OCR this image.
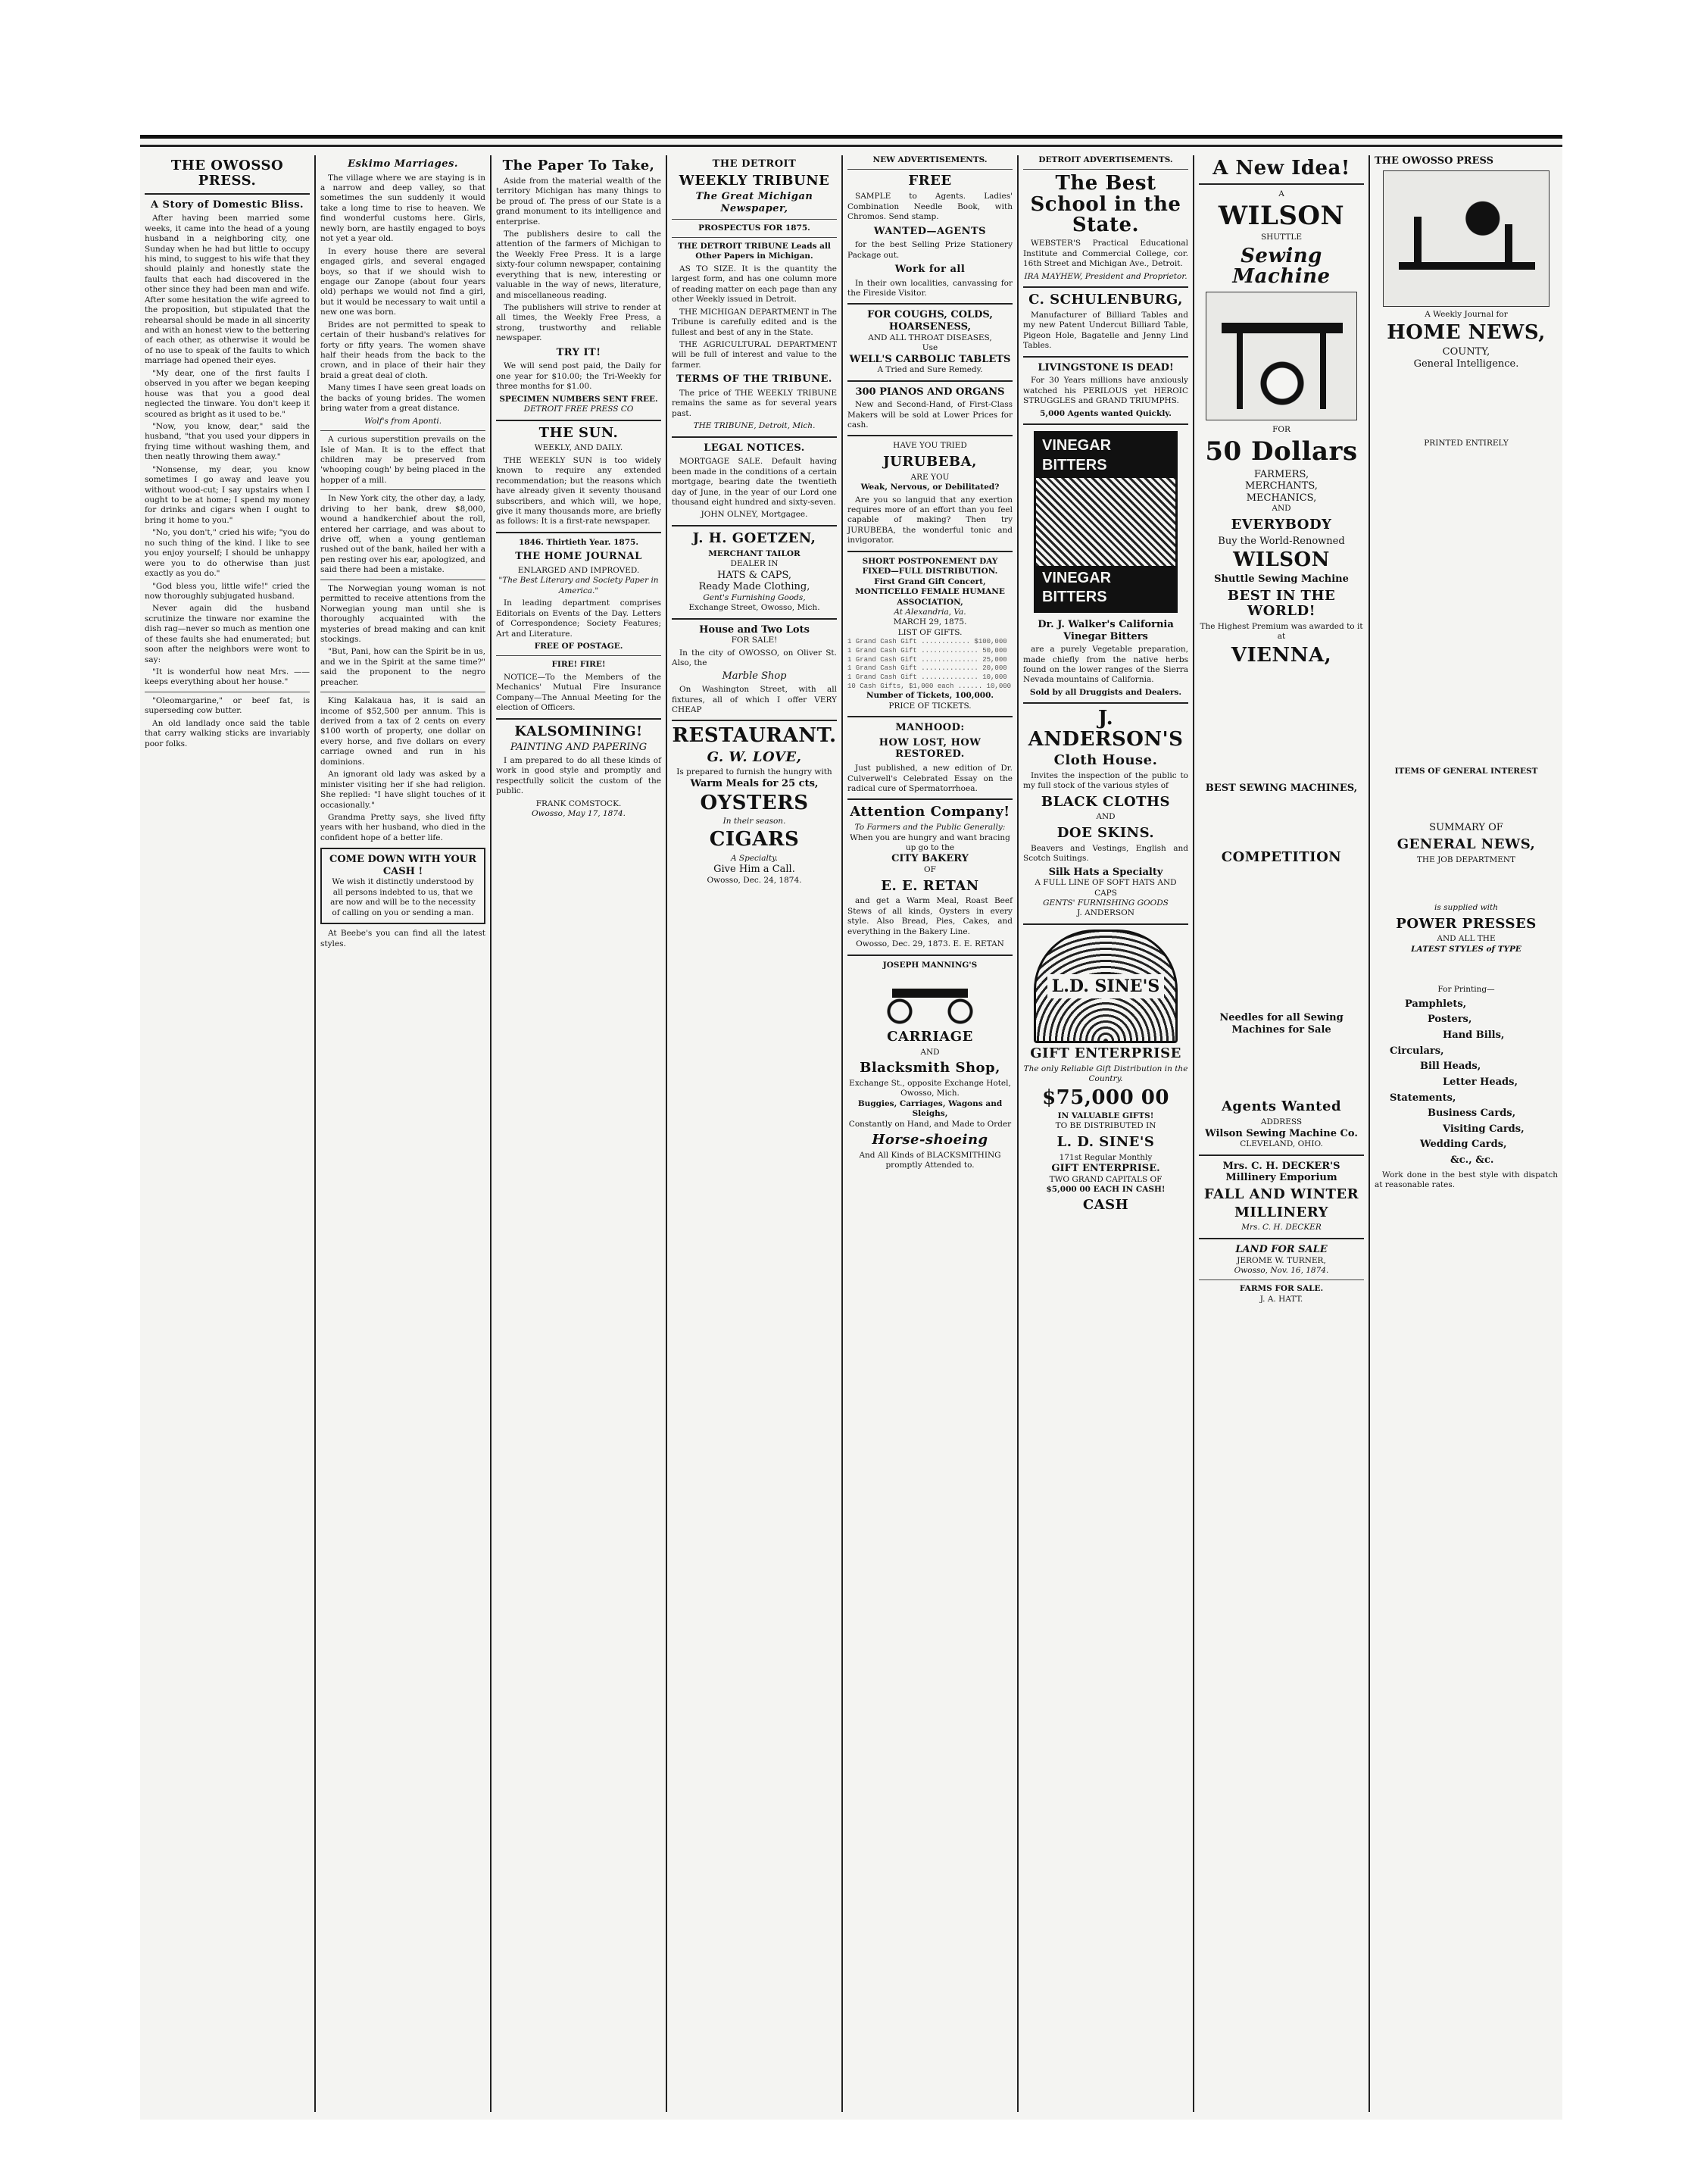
THE OWOSSO PRESS.
A Story of Domestic Bliss.

After having been married some weeks, it came into the head of a young husband in a neighboring city, one Sunday when he had but little to occupy his mind, to suggest to his wife that they should plainly and honestly state the faults that each had discovered in the other since they had been man and wife. After some hesitation the wife agreed to the proposition, but stipulated that the rehearsal should be made in all sincerity and with an honest view to the bettering of each other, as otherwise it would be of no use to speak of the faults to which marriage had opened their eyes.

"My dear, one of the first faults I observed in you after we began keeping house was that you a good deal neglected the tinware. You don't keep it scoured as bright as it used to be."

"Now, you know, dear," said the husband, "that you used your dippers in frying time without washing them, and then neatly throwing them away."

"Nonsense, my dear, you know sometimes I go away and leave you without wood-cut; I say upstairs when I ought to be at home; I spend my money for drinks and cigars when I ought to bring it home to you."

"No, you don't," cried his wife; "you do no such thing of the kind. I like to see you enjoy yourself; I should be unhappy were you to do otherwise than just exactly as you do."

"God bless you, little wife!" cried the now thoroughly subjugated husband.

Never again did the husband scrutinize the tinware nor examine the dish rag—never so much as mention one of these faults she had enumerated; but soon after the neighbors were wont to say:

"It is wonderful how neat Mrs. —— keeps everything about her house."

"Oleomargarine," or beef fat, is superseding cow butter.

An old landlady once said the table that carry walking sticks are invariably poor folks.

Eskimo Marriages.

The village where we are staying is in a narrow and deep valley, so that sometimes the sun suddenly it would take a long time to rise to heaven. We find wonderful customs here. Girls, newly born, are hastily engaged to boys not yet a year old.

In every house there are several engaged girls, and several engaged boys, so that if we should wish to engage our Zanope (about four years old) perhaps we would not find a girl, but it would be necessary to wait until a new one was born.

Brides are not permitted to speak to certain of their husband's relatives for forty or fifty years. The women shave half their heads from the back to the crown, and in place of their hair they braid a great deal of cloth.

Many times I have seen great loads on the backs of young brides. The women bring water from a great distance.

Wolf's from Aponti.

A curious superstition prevails on the Isle of Man. It is to the effect that children may be preserved from 'whooping cough' by being placed in the hopper of a mill.

In New York city, the other day, a lady, driving to her bank, drew $8,000, wound a handkerchief about the roll, entered her carriage, and was about to drive off, when a young gentleman rushed out of the bank, hailed her with a pen resting over his ear, apologized, and said there had been a mistake.

The Norwegian young woman is not permitted to receive attentions from the Norwegian young man until she is thoroughly acquainted with the mysteries of bread making and can knit stockings.

"But, Pani, how can the Spirit be in us, and we in the Spirit at the same time?" said the proponent to the negro preacher.

King Kalakaua has, it is said an income of $52,500 per annum. This is derived from a tax of 2 cents on every $100 worth of property, one dollar on every horse, and five dollars on every carriage owned and run in his dominions.

An ignorant old lady was asked by a minister visiting her if she had religion. She replied: "I have slight touches of it occasionally."

Grandma Pretty says, she lived fifty years with her husband, who died in the confident hope of a better life.

COME DOWN WITH YOUR CASH !
We wish it distinctly understood by all persons indebted to us, that we are now and will be to the necessity of calling on you or sending a man.

At Beebe's you can find all the latest styles.

The Paper To Take,

Aside from the material wealth of the territory Michigan has many things to be proud of. The press of our State is a grand monument to its intelligence and enterprise.

The publishers desire to call the attention of the farmers of Michigan to the Weekly Free Press. It is a large sixty-four column newspaper, containing everything that is new, interesting or valuable in the way of news, literature, and miscellaneous reading.

The publishers will strive to render at all times, the Weekly Free Press, a strong, trustworthy and reliable newspaper.

TRY IT!

We will send post paid, the Daily for one year for $10.00; the Tri-Weekly for three months for $1.00.

SPECIMEN NUMBERS SENT FREE.

DETROIT FREE PRESS CO

THE SUN.

WEEKLY, AND DAILY.

THE WEEKLY SUN is too widely known to require any extended recommendation; but the reasons which have already given it seventy thousand subscribers, and which will, we hope, give it many thousands more, are briefly as follows: It is a first-rate newspaper.

1846. Thirtieth Year. 1875.

THE HOME JOURNAL

ENLARGED AND IMPROVED.

"The Best Literary and Society Paper in America."

In leading department comprises Editorials on Events of the Day. Letters of Correspondence; Society Features; Art and Literature.

FREE OF POSTAGE.

FIRE! FIRE!

NOTICE—To the Members of the Mechanics' Mutual Fire Insurance Company—The Annual Meeting for the election of Officers.

KALSOMINING!

PAINTING AND PAPERING

I am prepared to do all these kinds of work in good style and promptly and respectfully solicit the custom of the public.

FRANK COMSTOCK.

Owosso, May 17, 1874.

THE DETROIT
WEEKLY TRIBUNE
The Great Michigan Newspaper,

PROSPECTUS FOR 1875.

THE DETROIT TRIBUNE Leads all Other Papers in Michigan.

AS TO SIZE. It is the quantity the largest form, and has one column more of reading matter on each page than any other Weekly issued in Detroit.

THE MICHIGAN DEPARTMENT in The Tribune is carefully edited and is the fullest and best of any in the State.

THE AGRICULTURAL DEPARTMENT will be full of interest and value to the farmer.

TERMS OF THE TRIBUNE.

The price of THE WEEKLY TRIBUNE remains the same as for several years past.

THE TRIBUNE, Detroit, Mich.

LEGAL NOTICES.

MORTGAGE SALE. Default having been made in the conditions of a certain mortgage, bearing date the twentieth day of June, in the year of our Lord one thousand eight hundred and sixty-seven.

JOHN OLNEY, Mortgagee.

J. H. GOETZEN,

MERCHANT TAILOR

DEALER IN

HATS & CAPS,

Ready Made Clothing,

Gent's Furnishing Goods,

Exchange Street, Owosso, Mich.

House and Two Lots

FOR SALE!

In the city of OWOSSO, on Oliver St. Also, the

Marble Shop

On Washington Street, with all fixtures, all of which I offer VERY CHEAP

RESTAURANT.
G. W. LOVE,

Is prepared to furnish the hungry with

Warm Meals for 25 cts,

OYSTERS

In their season.

CIGARS

A Specialty.

Give Him a Call.

Owosso, Dec. 24, 1874.

NEW ADVERTISEMENTS.

FREE

SAMPLE to Agents. Ladies' Combination Needle Book, with Chromos. Send stamp.

WANTED—AGENTS

for the best Selling Prize Stationery Package out.

Work for all

In their own localities, canvassing for the Fireside Visitor.

FOR COUGHS, COLDS, HOARSENESS,

AND ALL THROAT DISEASES,

Use

WELL'S CARBOLIC TABLETS

A Tried and Sure Remedy.

300 PIANOS AND ORGANS

New and Second-Hand, of First-Class Makers will be sold at Lower Prices for cash.

HAVE YOU TRIED

JURUBEBA,

ARE YOU

Weak, Nervous, or Debilitated?

Are you so languid that any exertion requires more of an effort than you feel capable of making? Then try JURUBEBA, the wonderful tonic and invigorator.

SHORT POSTPONEMENT DAY FIXED—FULL DISTRIBUTION.

First Grand Gift Concert, MONTICELLO FEMALE HUMANE ASSOCIATION,

At Alexandria, Va.

MARCH 29, 1875.

LIST OF GIFTS.

1 Grand Cash Gift ............ $100,000
1 Grand Cash Gift .............. 50,000
1 Grand Cash Gift .............. 25,000
1 Grand Cash Gift .............. 20,000
1 Grand Cash Gift .............. 10,000
10 Cash Gifts, $1,000 each ...... 10,000

Number of Tickets, 100,000.

PRICE OF TICKETS.

MANHOOD:
HOW LOST, HOW RESTORED.

Just published, a new edition of Dr. Culverwell's Celebrated Essay on the radical cure of Spermatorrhoea.

Attention Company!

To Farmers and the Public Generally:

When you are hungry and want bracing up go to the

CITY BAKERY

OF

E. E. RETAN

and get a Warm Meal, Roast Beef Stews of all kinds, Oysters in every style. Also Bread, Pies, Cakes, and everything in the Bakery Line.

Owosso, Dec. 29, 1873. E. E. RETAN

JOSEPH MANNING'S

CARRIAGE

AND

Blacksmith Shop,

Exchange St., opposite Exchange Hotel, Owosso, Mich.

Buggies, Carriages, Wagons and Sleighs,

Constantly on Hand, and Made to Order

Horse-shoeing

And All Kinds of BLACKSMITHING promptly Attended to.

DETROIT ADVERTISEMENTS.

The Best School in the State.

WEBSTER'S Practical Educational Institute and Commercial College, cor. 16th Street and Michigan Ave., Detroit.

IRA MAYHEW, President and Proprietor.

C. SCHULENBURG,

Manufacturer of Billiard Tables and my new Patent Undercut Billiard Table, Pigeon Hole, Bagatelle and Jenny Lind Tables.

LIVINGSTONE IS DEAD!

For 30 Years millions have anxiously watched his PERILOUS yet HEROIC STRUGGLES and GRAND TRIUMPHS.

5,000 Agents wanted Quickly.

VINEGAR BITTERS
VINEGAR BITTERS

Dr. J. Walker's California Vinegar Bitters

are a purely Vegetable preparation, made chiefly from the native herbs found on the lower ranges of the Sierra Nevada mountains of California.

Sold by all Druggists and Dealers.

J. ANDERSON'S
Cloth House.

Invites the inspection of the public to my full stock of the various styles of

BLACK CLOTHS

AND

DOE SKINS.

Beavers and Vestings, English and Scotch Suitings.

Silk Hats a Specialty

A FULL LINE OF SOFT HATS AND CAPS

GENTS' FURNISHING GOODS

J. ANDERSON

L.D. SINE'S
GIFT ENTERPRISE

The only Reliable Gift Distribution in the Country.

$75,000 00

IN VALUABLE GIFTS!

TO BE DISTRIBUTED IN

L. D. SINE'S

171st Regular Monthly

GIFT ENTERPRISE.

TWO GRAND CAPITALS OF

$5,000 00 EACH IN CASH!

CASH
A New Idea!

A

WILSON

SHUTTLE

Sewing Machine

FOR

50 Dollars

FARMERS,

MERCHANTS,

MECHANICS,

AND

EVERYBODY

Buy the World-Renowned

WILSON

Shuttle Sewing Machine

BEST IN THE WORLD!

The Highest Premium was awarded to it at

VIENNA,

BEST SEWING MACHINES,

COMPETITION

Needles for all Sewing Machines for Sale

Agents Wanted

ADDRESS

Wilson Sewing Machine Co.

CLEVELAND, OHIO.

Mrs. C. H. DECKER'S

Millinery Emporium

FALL AND WINTER
MILLINERY

Mrs. C. H. DECKER

LAND FOR SALE

JEROME W. TURNER,

Owosso, Nov. 16, 1874.

FARMS FOR SALE.

J. A. HATT.

THE OWOSSO PRESS

A Weekly Journal for

HOME NEWS,

COUNTY,

General Intelligence.

PRINTED ENTIRELY

ITEMS OF GENERAL INTEREST

SUMMARY OF

GENERAL NEWS,

THE JOB DEPARTMENT

is supplied with

POWER PRESSES

AND ALL THE

LATEST STYLES of TYPE

For Printing—

Pamphlets,
Posters,
Hand Bills,
Circulars,
Bill Heads,
Letter Heads,
Statements,
Business Cards,
Visiting Cards,
Wedding Cards,
&c., &c.

Work done in the best style with dispatch at reasonable rates.
